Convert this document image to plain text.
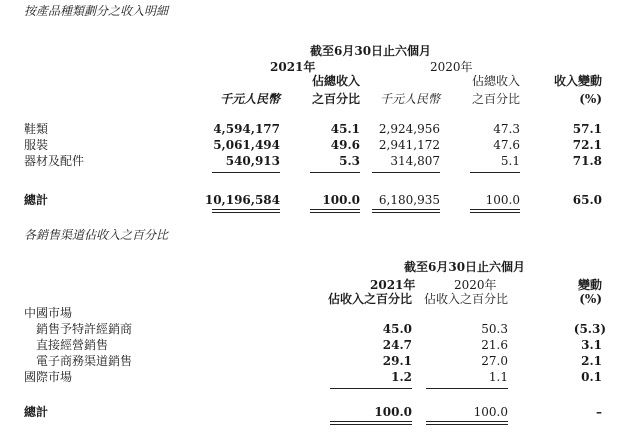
按產品種類劃分之收入明細
截至6月30日止六個月
2021年	2020年
佔總收入	佔總收入	收入變動
千元人民幣	之百分比 千元人民幣	之百分比	(%)
鞋類	4,594,177	45.1 2,924,956	47.3	57.1
服裝	5,061,494	49.6 2,941,172	47.6	72.1
器材及配件	540,913	5.3	314,807	5.1	71.8
總計	10,196,584	100.0 6,180,935	100.0	65.0
各銷售渠道佔收入之百分比
截至6月30日止六個月
2021年	2020年	變動
佔收入之百分比 佔收入之百分比	(%)
中國市場
銷售予特許經銷商	45.0	50.3	(5.3)
直接經營銷售	24.7	21.6	3.1
電子商務渠道銷售	29.1	27.0	2.1
國際市場	1.2	1.1	0.1
總計	100.0	100.0	–
